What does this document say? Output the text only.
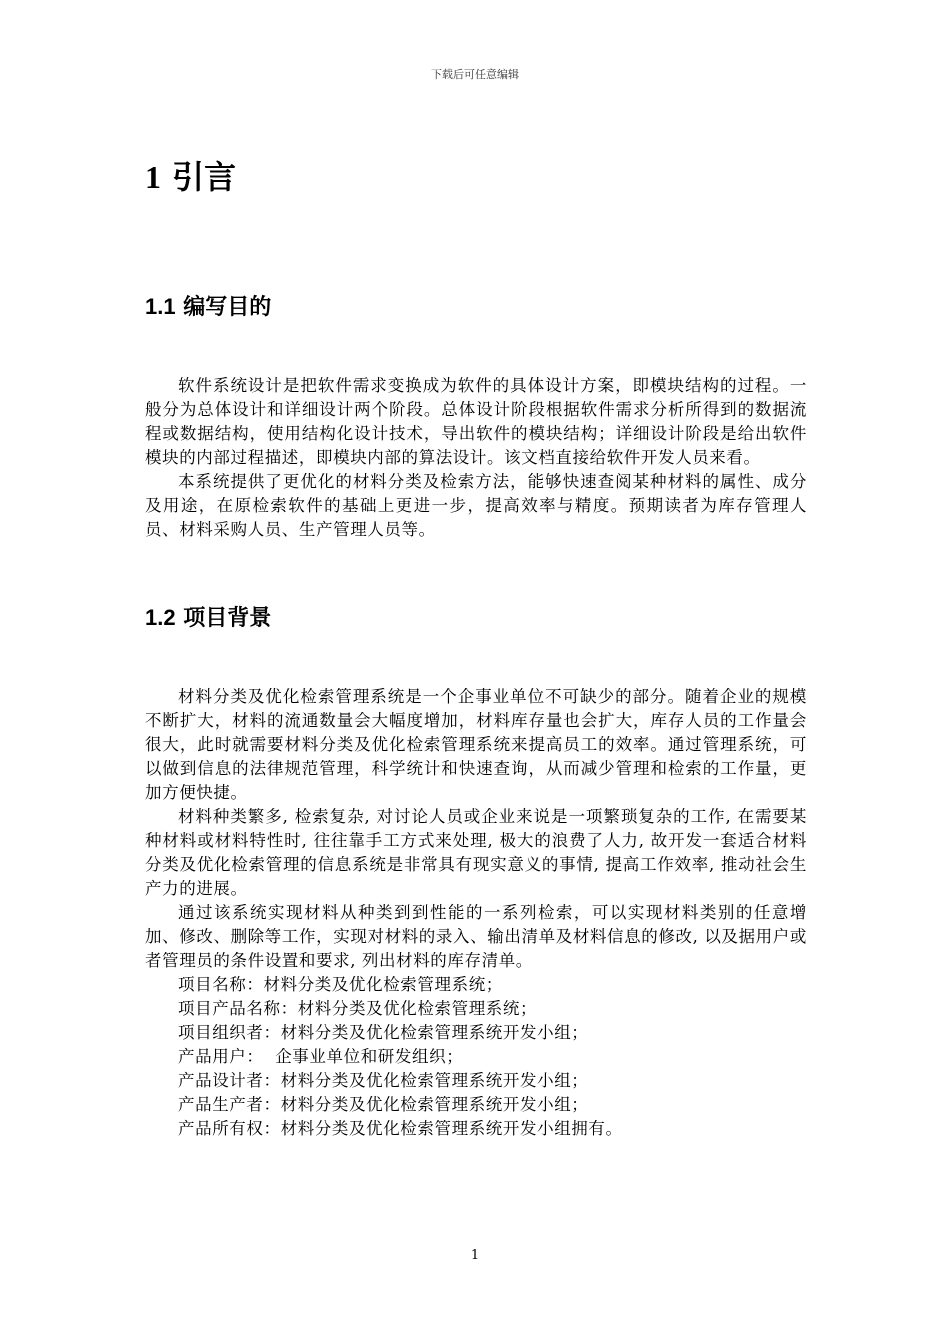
下载后可任意编辑
1 引言
1.1 编写目的

软件系统设计是把软件需求变换成为软件的具体设计方案，即模块结构的过程。一般分为总体设计和详细设计两个阶段。总体设计阶段根据软件需求分析所得到的数据流程或数据结构，使用结构化设计技术，导出软件的模块结构；详细设计阶段是给出软件模块的内部过程描述，即模块内部的算法设计。该文档直接给软件开发人员来看。

本系统提供了更优化的材料分类及检索方法，能够快速查阅某种材料的属性、成分及用途，在原检索软件的基础上更进一步，提高效率与精度。预期读者为库存管理人员、材料采购人员、生产管理人员等。

1.2 项目背景

材料分类及优化检索管理系统是一个企事业单位不可缺少的部分。随着企业的规模不断扩大，材料的流通数量会大幅度增加，材料库存量也会扩大，库存人员的工作量会很大，此时就需要材料分类及优化检索管理系统来提高员工的效率。通过管理系统，可以做到信息的法律规范管理，科学统计和快速查询，从而减少管理和检索的工作量，更加方便快捷。

材料种类繁多, 检索复杂, 对讨论人员或企业来说是一项繁琐复杂的工作, 在需要某种材料或材料特性时, 往往靠手工方式来处理, 极大的浪费了人力, 故开发一套适合材料分类及优化检索管理的信息系统是非常具有现实意义的事情, 提高工作效率, 推动社会生产力的进展。

通过该系统实现材料从种类到到性能的一系列检索，可以实现材料类别的任意增加、修改、删除等工作，实现对材料的录入、输出清单及材料信息的修改, 以及据用户或者管理员的条件设置和要求, 列出材料的库存清单。

项目名称：材料分类及优化检索管理系统；

项目产品名称：材料分类及优化检索管理系统；

项目组织者：材料分类及优化检索管理系统开发小组；

产品用户：  企事业单位和研发组织；

产品设计者：材料分类及优化检索管理系统开发小组；

产品生产者：材料分类及优化检索管理系统开发小组；

产品所有权：材料分类及优化检索管理系统开发小组拥有。

1
